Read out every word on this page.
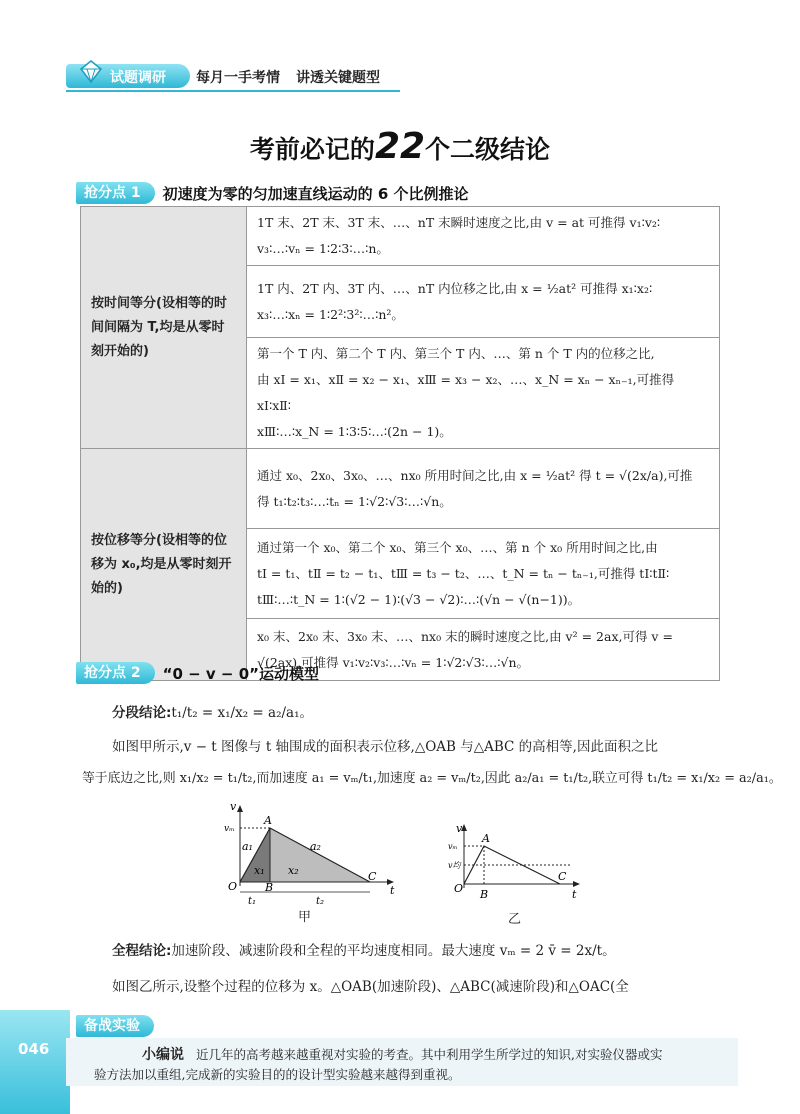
试题调研 每月一手考情 讲透关键题型
考前必记的22个二级结论
抢分点 1	初速度为零的匀加速直线运动的 6 个比例推论
按时间等分(设相等的时间间隔为 T,均是从零时刻开始的)	1T 末、2T 末、3T 末、…、nT 末瞬时速度之比,由 v = at 可推得 v₁∶v₂∶
v₃∶…∶vₙ = 1∶2∶3∶…∶n。

	1T 内、2T 内、3T 内、…、nT 内位移之比,由 x = ½at² 可推得 x₁∶x₂∶
x₃∶…∶xₙ = 1∶2²∶3²∶…∶n²。

	第一个 T 内、第二个 T 内、第三个 T 内、…、第 n 个 T 内的位移之比,
由 xⅠ = x₁、xⅡ = x₂ − x₁、xⅢ = x₃ − x₂、…、x_N = xₙ − xₙ₋₁,可推得 xⅠ∶xⅡ∶
xⅢ∶…∶x_N = 1∶3∶5∶…∶(2n − 1)。

按位移等分(设相等的位移为 x₀,均是从零时刻开始的)	通过 x₀、2x₀、3x₀、…、nx₀ 所用时间之比,由 x = ½at² 得 t = √(2x/a),可推
得 t₁∶t₂∶t₃∶…∶tₙ = 1∶√2∶√3∶…∶√n。

	通过第一个 x₀、第二个 x₀、第三个 x₀、…、第 n 个 x₀ 所用时间之比,由
tⅠ = t₁、tⅡ = t₂ − t₁、tⅢ = t₃ − t₂、…、t_N = tₙ − tₙ₋₁,可推得 tⅠ∶tⅡ∶
tⅢ∶…∶t_N = 1∶(√2 − 1)∶(√3 − √2)∶…∶(√n − √(n−1))。

	x₀ 末、2x₀ 末、3x₀ 末、…、nx₀ 末的瞬时速度之比,由 v² = 2ax,可得 v =
√(2ax),可推得 v₁∶v₂∶v₃∶…∶vₙ = 1∶√2∶√3∶…∶√n。
抢分点 2	“0 − v − 0”运动模型
分段结论:t₁/t₂ = x₁/x₂ = a₂/a₁。
如图甲所示,v − t 图像与 t 轴围成的面积表示位移,△OAB 与△ABC 的高相等,因此面积之比
等于底边之比,则 x₁/x₂ = t₁/t₂,而加速度 a₁ = vₘ/t₁,加速度 a₂ = vₘ/t₂,因此 a₂/a₁ = t₁/t₂,联立可得 t₁/t₂ = x₁/x₂ = a₂/a₁。
v
vₘ
A
a₁	a₂
x₁ x₂
O	B
C
t
t₁	t₂
甲
v
vₘ
v均
A
O B
C
t
乙
全程结论:加速阶段、减速阶段和全程的平均速度相同。最大速度 vₘ = 2 v̄ = 2x/t。
如图乙所示,设整个过程的位移为 x。△OAB(加速阶段)、△ABC(减速阶段)和△OAC(全
046
备战实验
小编说 近几年的高考越来越重视对实验的考查。其中利用学生所学过的知识,对实验仪器或实
验方法加以重组,完成新的实验目的的设计型实验越来越得到重视。
